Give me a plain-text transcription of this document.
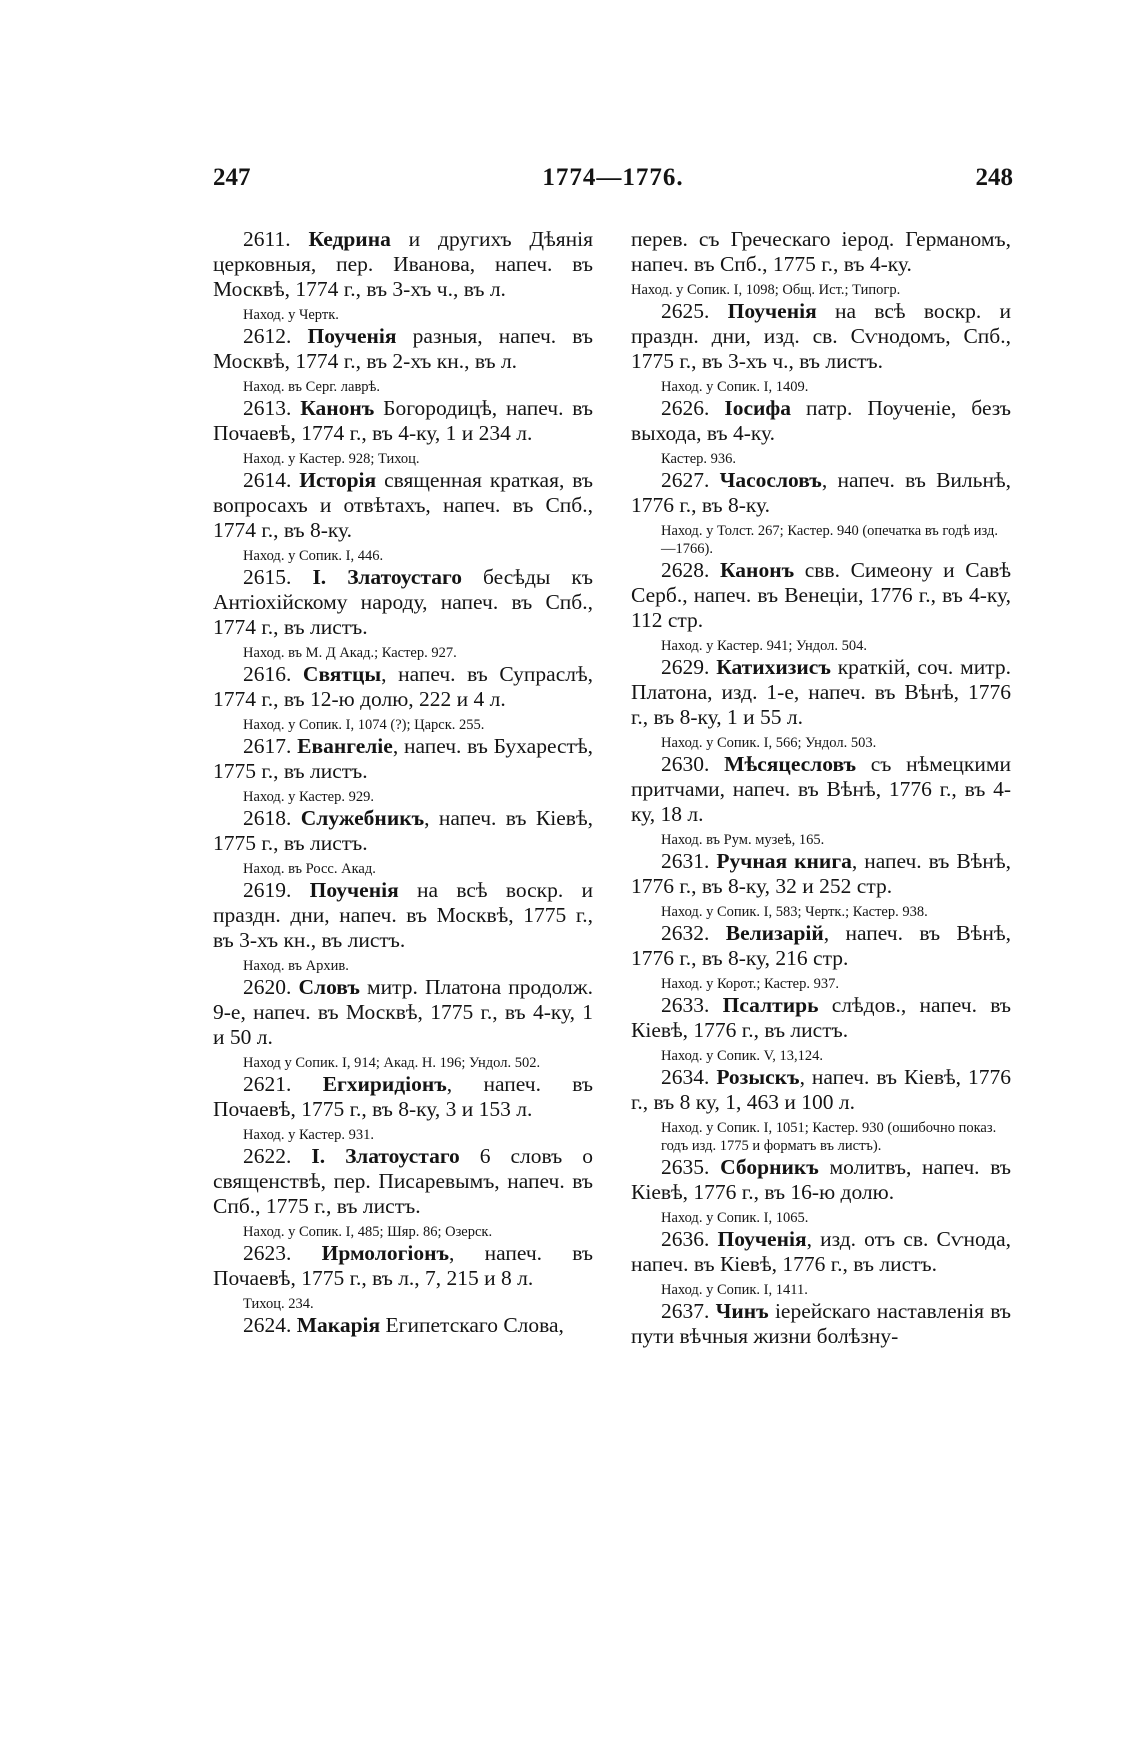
247	1774—1776.	248
2611. Кедрина и другихъ Дѣянія церковныя, пер. Иванова, напеч. въ Москвѣ, 1774 г., въ 3-хъ ч., въ л.
Наход. у Чертк.
2612. Поученія разныя, напеч. въ Москвѣ, 1774 г., въ 2-хъ кн., въ л.
Наход. въ Серг. лаврѣ.
2613. Канонъ Богородицѣ, напеч. въ Почаевѣ, 1774 г., въ 4-ку, 1 и 234 л.
Наход. у Кастер. 928; Тихоц.
2614. Исторія священная краткая, въ вопросахъ и отвѣтахъ, напеч. въ Спб., 1774 г., въ 8-ку.
Наход. у Сопик. I, 446.
2615. I. Златоустаго бесѣды къ Антіохійскому народу, напеч. въ Спб., 1774 г., въ листъ.
Наход. въ М. Д Акад.; Кастер. 927.
2616. Святцы, напеч. въ Супраслѣ, 1774 г., въ 12-ю долю, 222 и 4 л.
Наход. у Сопик. I, 1074 (?); Царск. 255.
2617. Евангеліе, напеч. въ Бухарестѣ, 1775 г., въ листъ.
Наход. у Кастер. 929.
2618. Служебникъ, напеч. въ Кіевѣ, 1775 г., въ листъ.
Наход. въ Росс. Акад.
2619. Поученія на всѣ воскр. и праздн. дни, напеч. въ Москвѣ, 1775 г., въ 3-хъ кн., въ листъ.
Наход. въ Архив.
2620. Словъ митр. Платона продолж. 9-е, напеч. въ Москвѣ, 1775 г., въ 4-ку, 1 и 50 л.
Наход у Сопик. I, 914; Акад. Н. 196; Ундол. 502.
2621. Егхиридіонъ, напеч. въ Почаевѣ, 1775 г., въ 8-ку, 3 и 153 л.
Наход. у Кастер. 931.
2622. I. Златоустаго 6 словъ о священствѣ, пер. Писаревымъ, напеч. въ Спб., 1775 г., въ листъ.
Наход. у Сопик. I, 485; Шяр. 86; Озерск.
2623. Ирмологіонъ, напеч. въ Почаевѣ, 1775 г., въ л., 7, 215 и 8 л.
Тихоц. 234.
2624. Макарія Египетскаго Слова,
перев. съ Греческаго іерод. Германомъ, напеч. въ Спб., 1775 г., въ 4-ку.
Наход. у Сопик. I, 1098; Общ. Ист.; Типогр.
2625. Поученія на всѣ воскр. и праздн. дни, изд. св. Сѵнодомъ, Спб., 1775 г., въ 3-хъ ч., въ листъ.
Наход. у Сопик. I, 1409.
2626. Іосифа патр. Поученіе, безъ выхода, въ 4-ку.
Кастер. 936.
2627. Часословъ, напеч. въ Вильнѣ, 1776 г., въ 8-ку.
Наход. у Толст. 267; Кастер. 940 (опечатка въ годѣ изд.—1766).
2628. Канонъ свв. Симеону и Савѣ Серб., напеч. въ Венеціи, 1776 г., въ 4-ку, 112 стр.
Наход. у Кастер. 941; Ундол. 504.
2629. Катихизисъ краткій, соч. митр. Платона, изд. 1-е, напеч. въ Вѣнѣ, 1776 г., въ 8-ку, 1 и 55 л.
Наход. у Сопик. I, 566; Ундол. 503.
2630. Мѣсяцесловъ съ нѣмецкими притчами, напеч. въ Вѣнѣ, 1776 г., въ 4-ку, 18 л.
Наход. въ Рум. музеѣ, 165.
2631. Ручная книга, напеч. въ Вѣнѣ, 1776 г., въ 8-ку, 32 и 252 стр.
Наход. у Сопик. I, 583; Чертк.; Кастер. 938.
2632. Велизарій, напеч. въ Вѣнѣ, 1776 г., въ 8-ку, 216 стр.
Наход. у Корот.; Кастер. 937.
2633. Псалтирь слѣдов., напеч. въ Кіевѣ, 1776 г., въ листъ.
Наход. у Сопик. V, 13,124.
2634. Розыскъ, напеч. въ Кіевѣ, 1776 г., въ 8 ку, 1, 463 и 100 л.
Наход. у Сопик. I, 1051; Кастер. 930 (ошибочно показ. годъ изд. 1775 и форматъ въ листъ).
2635. Сборникъ молитвъ, напеч. въ Кіевѣ, 1776 г., въ 16-ю долю.
Наход. у Сопик. I, 1065.
2636. Поученія, изд. отъ св. Сѵнода, напеч. въ Кіевѣ, 1776 г., въ листъ.
Наход. у Сопик. I, 1411.
2637. Чинъ іерейскаго наставленія въ пути вѣчныя жизни болѣзну-
